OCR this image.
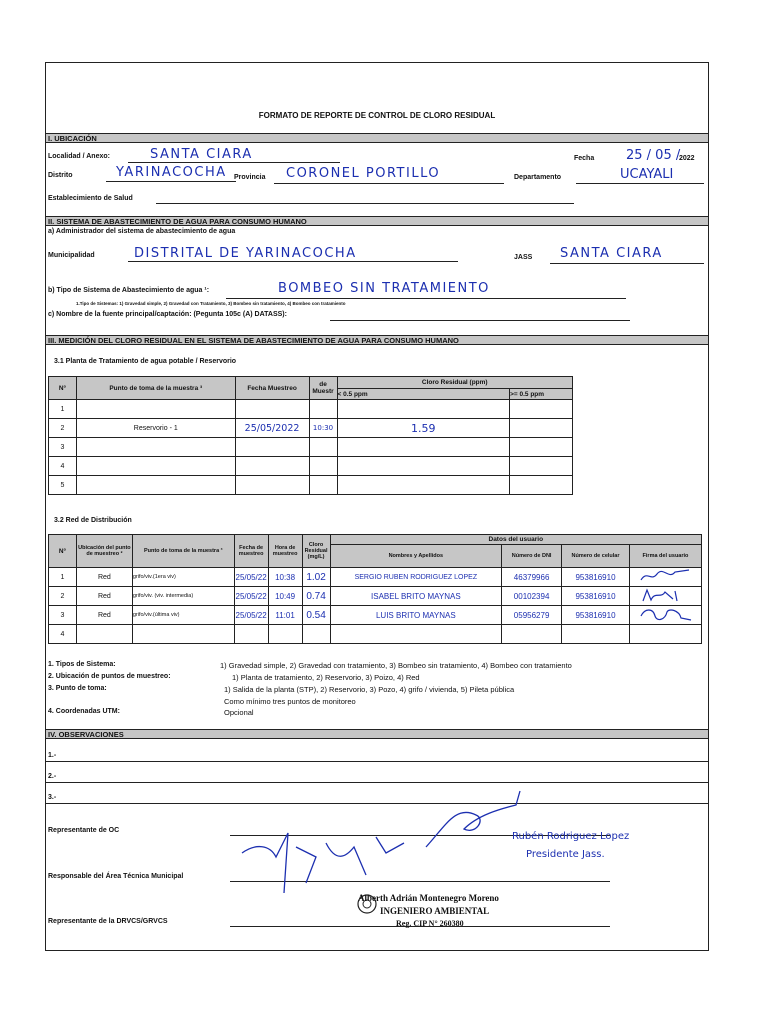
FORMATO DE REPORTE DE CONTROL DE CLORO RESIDUAL
I. UBICACIÓN
Localidad / Anexo:	SANTA CIARA	Fecha 25 / 05 /
2022
Distrito	YARINACOCHA Provincia CORONEL PORTILLO	Departamento	UCAYALI
Establecimiento de Salud
II. SISTEMA DE ABASTECIMIENTO DE AGUA PARA CONSUMO HUMANO
a) Administrador del sistema de abastecimiento de agua
Municipalidad	DISTRITAL DE YARINACOCHA	JASS SANTA CIARA
b) Tipo de Sistema de Abastecimiento de agua ¹:	BOMBEO SIN TRATAMIENTO
1.Tipo de Sistemas: 1) Gravedad simple, 2) Gravedad con Tratamiento, 3) Bombeo sin tratamiento, 4) Bombeo con tratamiento
c) Nombre de la fuente principal/captación: (Pegunta 105c (A) DATASS):
III. MEDICIÓN DEL CLORO RESIDUAL EN EL SISTEMA DE ABASTECIMIENTO DE AGUA PARA CONSUMO HUMANO
3.1 Planta de Tratamiento de agua potable / Reservorio
N°	Punto de toma de la muestra ³	Fecha Muestreo	de Muestr	Cloro Residual (ppm)	
				< 0.5 ppm	>= 0.5 ppm
1					
2	Reservorio - 1	25/05/2022	10:30	1.59	
3					
4					
5					
3.2 Red de Distribución
N°	Ubicación del punto de muestreo ²	Punto de toma de la muestra ³	Fecha de muestreo	Hora de muestreo	Cloro Residual (mg/L)	Datos del usuario			
						Nombres y Apellidos	Número de DNI	Número de celular	Firma del usuario
1	Red	grifo/viv.(1era viv)	25/05/22	10:38	1.02	SERGIO RUBEN RODRIGUEZ LOPEZ	46379966	953816910	
2	Red	grifo/viv. (viv. intermedia)	25/05/22	10:49	0.74	ISABEL BRITO MAYNAS	00102394	953816910	
3	Red	grifo/viv.(última viv)	25/05/22	11:01	0.54	LUIS BRITO MAYNAS	05956279	953816910	
4									
1. Tipos de Sistema:	1) Gravedad simple, 2) Gravedad con tratamiento, 3) Bombeo sin tratamiento, 4) Bombeo con tratamiento
2. Ubicación de puntos de muestreo:	1) Planta de tratamiento, 2) Reservorio, 3) Poizo, 4) Red
3. Punto de toma:	1) Salida de la planta (STP), 2) Reservorio, 3) Pozo, 4) grifo / vivienda, 5) Pileta pública
Como mínimo tres puntos de monitoreo
4. Coordenadas UTM:	Opcional
IV. OBSERVACIONES
1.-
2.-
3.-
Representante de OC
Responsable del Área Técnica Municipal
Representante de la DRVCS/GRVCS
Rubén Rodriguez Lopez
Presidente Jass.
Alberth Adrián Montenegro Moreno
INGENIERO AMBIENTAL
Reg. CIP N° 260380
